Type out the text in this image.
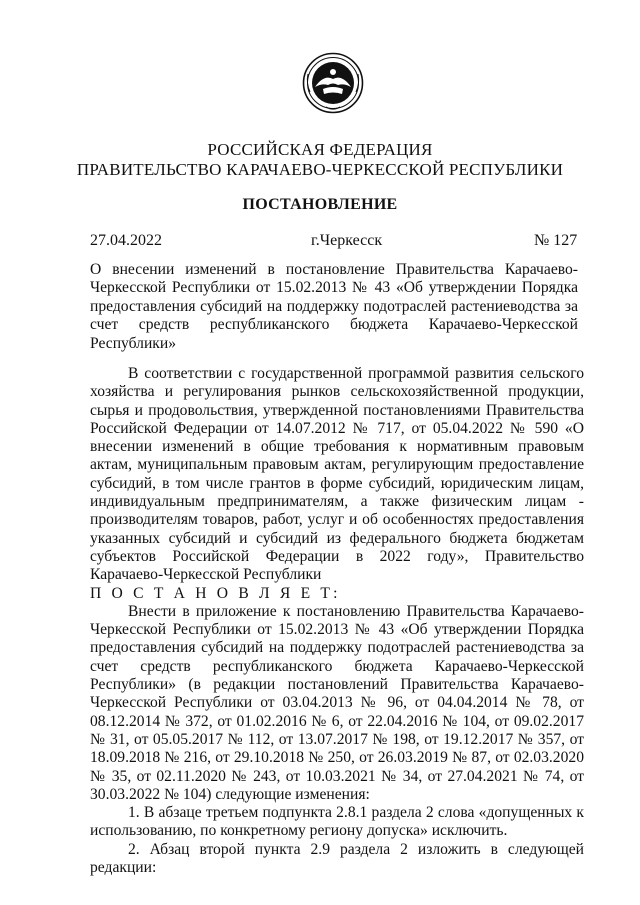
РОССИЙСКАЯ ФЕДЕРАЦИЯ
ПРАВИТЕЛЬСТВО КАРАЧАЕВО-ЧЕРКЕССКОЙ РЕСПУБЛИКИ
ПОСТАНОВЛЕНИЕ
27.04.2022	г.Черкесск	№ 127
О внесении изменений в постановление Правительства Карачаево-Черкесской Республики от 15.02.2013 № 43 «Об утверждении Порядка предоставления субсидий на поддержку подотраслей растениеводства за счет средств республиканского бюджета Карачаево-Черкесской Республики»

В соответствии с государственной программой развития сельского хозяйства и регулирования рынков сельскохозяйственной продукции, сырья и продовольствия, утвержденной постановлениями Правительства Российской Федерации от 14.07.2012 № 717, от 05.04.2022 № 590 «О внесении изменений в общие требования к нормативным правовым актам, муниципальным правовым актам, регулирующим предоставление субсидий, в том числе грантов в форме субсидий, юридическим лицам, индивидуальным предпринимателям, а также физическим лицам - производителям товаров, работ, услуг и об особенностях предоставления указанных субсидий и субсидий из федерального бюджета бюджетам субъектов Российской Федерации в 2022 году», Правительство Карачаево-Черкесской Республики

П О С Т А Н О В Л Я Е Т:

Внести в приложение к постановлению Правительства Карачаево-Черкесской Республики от 15.02.2013 № 43 «Об утверждении Порядка предоставления субсидий на поддержку подотраслей растениеводства за счет средств республиканского бюджета Карачаево-Черкесской Республики» (в редакции постановлений Правительства Карачаево-Черкесской Республики от 03.04.2013 № 96, от 04.04.2014 № 78, от 08.12.2014 № 372, от 01.02.2016 № 6, от 22.04.2016 № 104, от 09.02.2017 № 31, от 05.05.2017 № 112, от 13.07.2017 № 198, от 19.12.2017 № 357, от 18.09.2018 № 216, от 29.10.2018 № 250, от 26.03.2019 № 87, от 02.03.2020 № 35, от 02.11.2020 № 243, от 10.03.2021 № 34, от 27.04.2021 № 74, от 30.03.2022 № 104) следующие изменения:

1. В абзаце третьем подпункта 2.8.1 раздела 2 слова «допущенных к использованию, по конкретному региону допуска» исключить.

2. Абзац второй пункта 2.9 раздела 2 изложить в следующей редакции:
